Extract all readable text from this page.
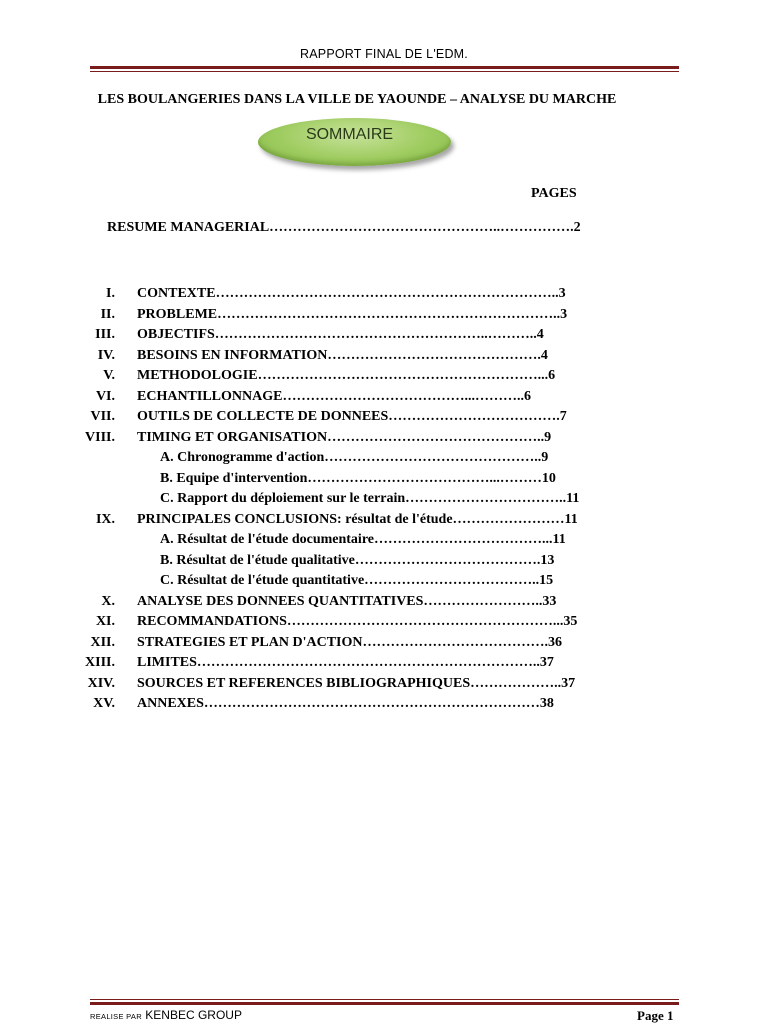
RAPPORT FINAL DE L'EDM.
LES BOULANGERIES DANS LA VILLE DE YAOUNDE – ANALYSE DU MARCHE
SOMMAIRE
PAGES
RESUME MANAGERIAL…………………………………………..…………….2
I. CONTEXTE………………………………………………………………..3
II. PROBLEME………………………………………………………………..3
III. OBJECTIFS…………………………………………………..………..4
IV. BESOINS EN INFORMATION……………………………………….4
V. METHODOLOGIE……………………………………………………...6
VI. ECHANTILLONNAGE…………………………………...………..6
VII. OUTILS DE COLLECTE DE DONNEES……………………………….7
VIII. TIMING ET ORGANISATION………………………………………..9
A. Chronogramme d'action………………………………………..9
B. Equipe d'intervention…………………………………...………10
C. Rapport du déploiement sur le terrain……………………………..11
IX. PRINCIPALES CONCLUSIONS: résultat de l'étude……………………11
A. Résultat de l'étude documentaire………………………………...11
B. Résultat de l'étude qualitative………………………………….13
C. Résultat de l'étude quantitative………………………………..15
X. ANALYSE DES DONNEES QUANTITATIVES……………………..33
XI. RECOMMANDATIONS…………………………………………………...35
XII. STRATEGIES ET PLAN D'ACTION………………………………….36
XIII. LIMITES………………………………………………………………..37
XIV. SOURCES ET REFERENCES BIBLIOGRAPHIQUES………………..37
XV. ANNEXES………………………………………………………………38
REALISE PAR KENBEC GROUP	Page 1
